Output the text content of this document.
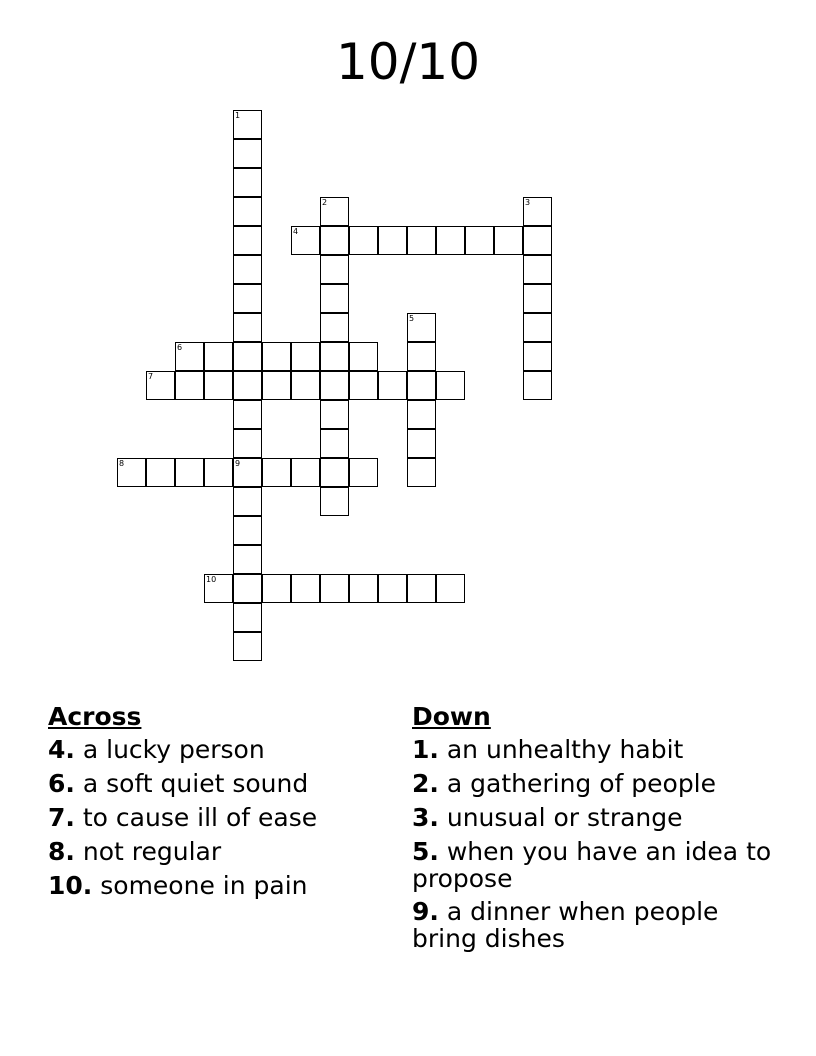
10/10
1
2	3
4
5
6
7
8	9
10
Across
4. a lucky person
6. a soft quiet sound
7. to cause ill of ease
8. not regular
10. someone in pain
Down
1. an unhealthy habit
2. a gathering of people
3. unusual or strange
5. when you have an idea to propose
9. a dinner when people bring dishes
